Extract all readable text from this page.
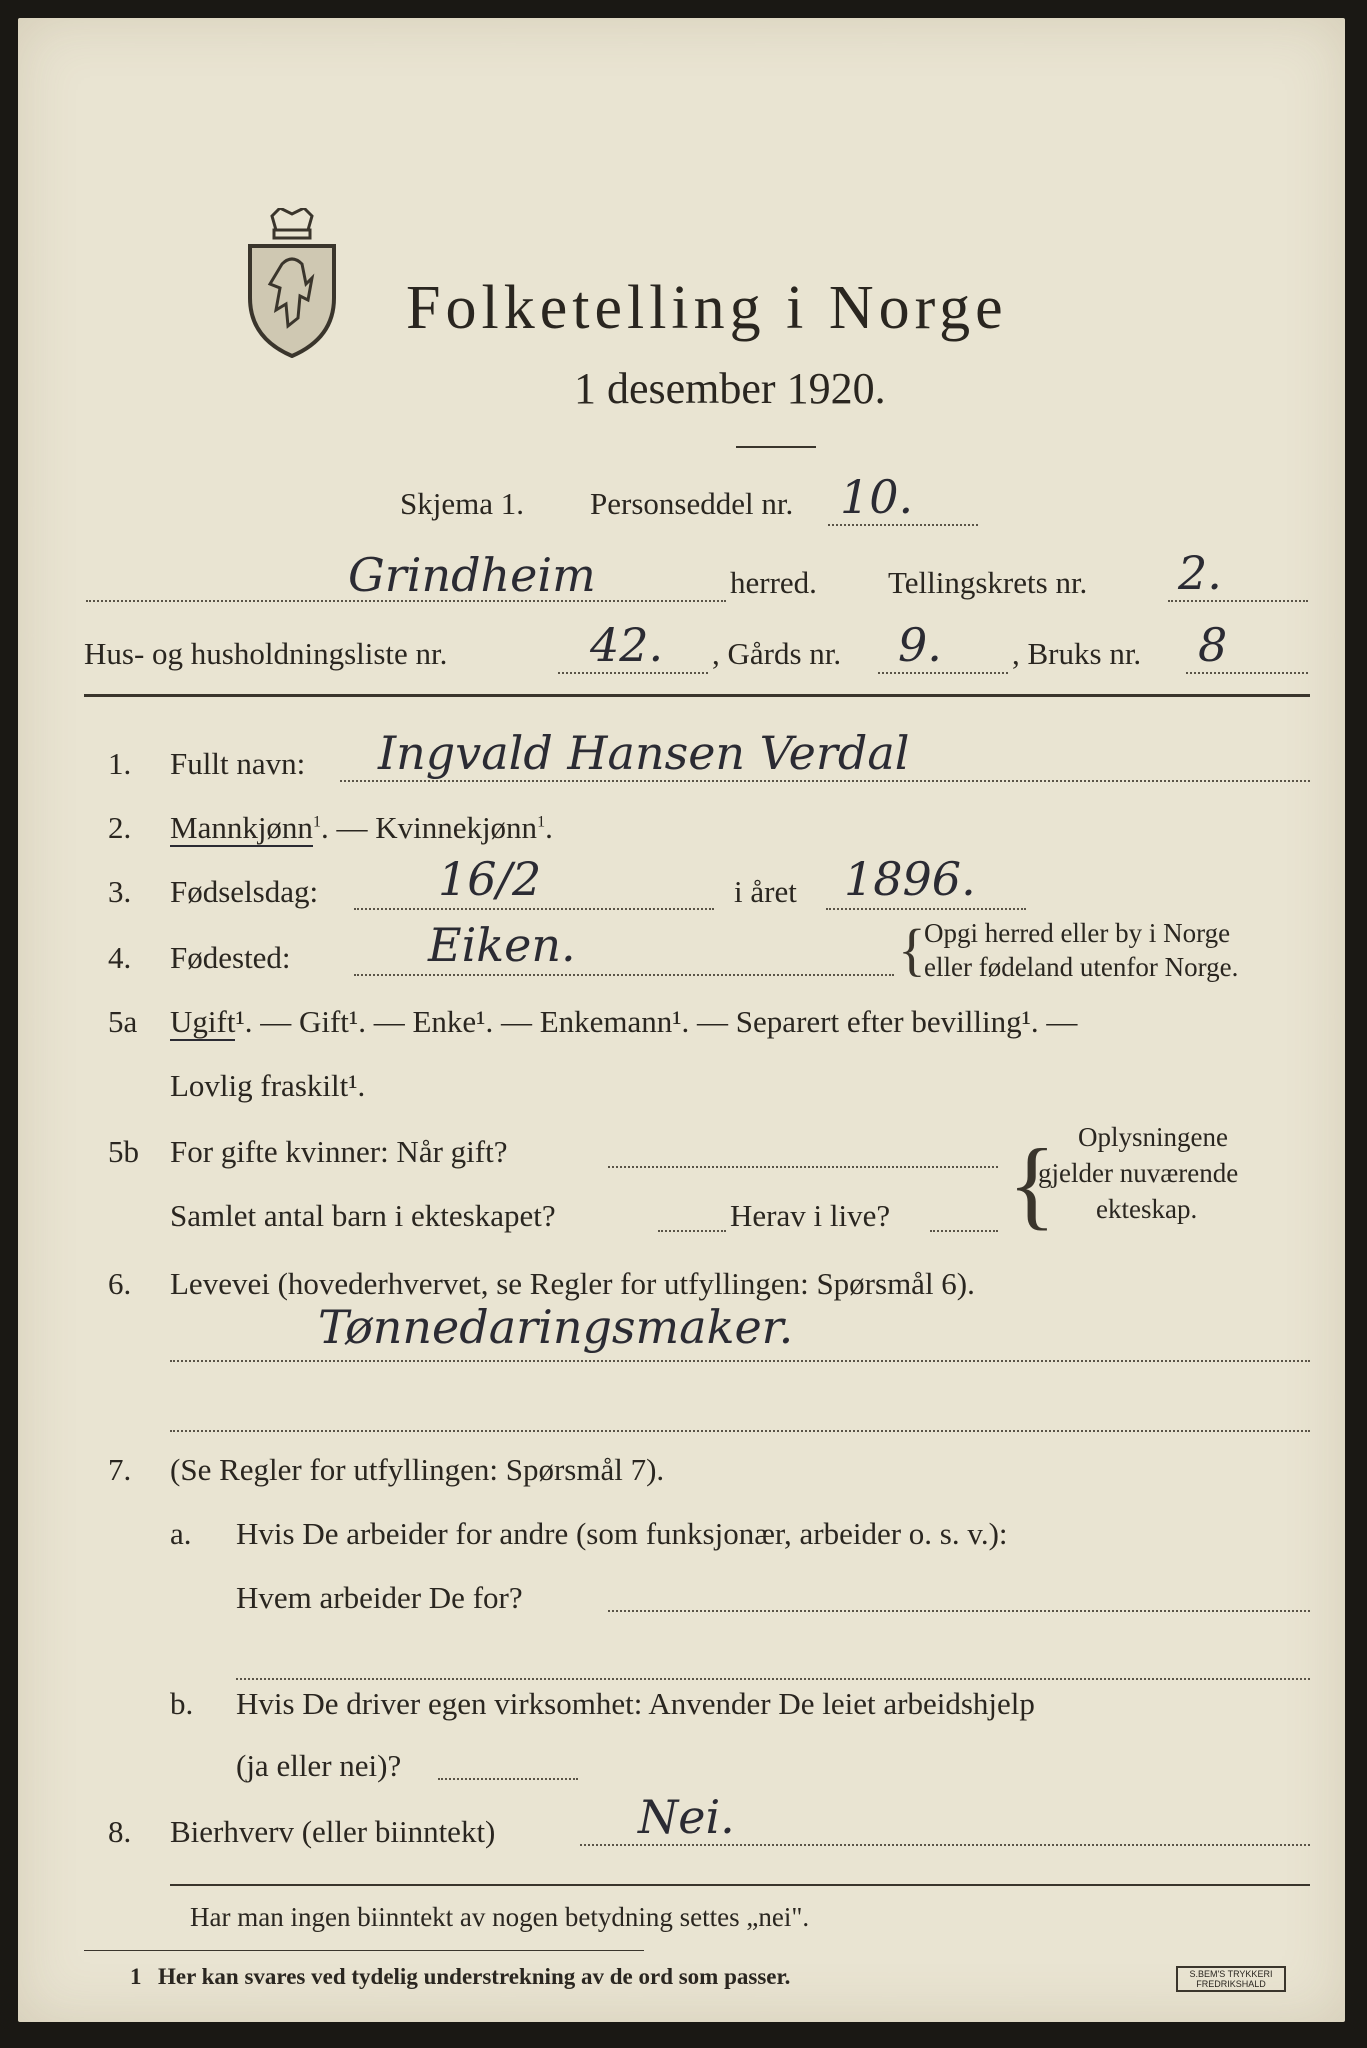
Folketelling i Norge
1 desember 1920.
Skjema 1. Personseddel nr. 10.
Grindheim	herred. Tellingskrets nr. 2.
Hus- og husholdningsliste nr.	42. , Gårds nr. 9. , Bruks nr. 8
1. Fullt navn: Ingvald Hansen Verdal
2. Mannkjønn$^1$. — Kvinnekjønn$^1$.
3. Fødselsdag:	16/2	i året 1896.
4. Fødested:	Eiken.	{
Opgi herred eller by i Norge
eller fødeland utenfor Norge.
5a Ugift¹. — Gift¹. — Enke¹. — Enkemann¹. — Separert efter bevilling¹. —
Lovlig fraskilt¹.
5b For gifte kvinner: Når gift?
Samlet antal barn i ekteskapet?	Herav i live? { Oplysningene
gjelder nuværende
ekteskap.
6. Levevei (hovederhvervet, se Regler for utfyllingen: Spørsmål 6).
Tønnedaringsmaker.
7. (Se Regler for utfyllingen: Spørsmål 7).
a. Hvis De arbeider for andre (som funksjonær, arbeider o. s. v.):
Hvem arbeider De for?
b. Hvis De driver egen virksomhet: Anvender De leiet arbeidshjelp
(ja eller nei)?
8. Bierhverv (eller biinntekt)	Nei.
Har man ingen biinntekt av nogen betydning settes „nei".
1 Her kan svares ved tydelig understrekning av de ord som passer.	S.BEM'S TRYKKERI FREDRIKSHALD
